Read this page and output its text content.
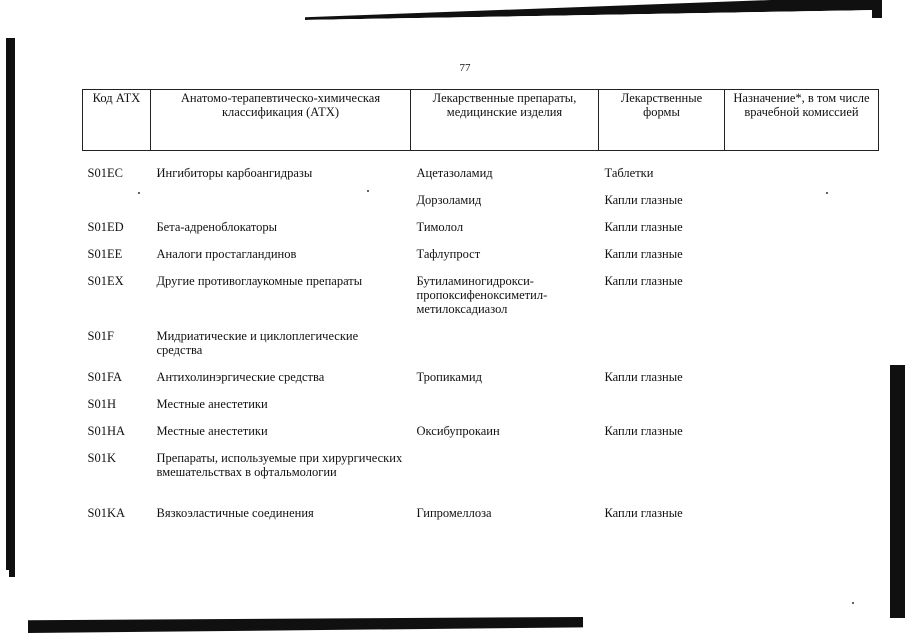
77
Код АТХ	Анатомо-терапевтическо-химическая классификация (АТХ)	Лекарственные препараты, медицинские изделия	Лекарственные формы	Назначение*, в том числе врачебной комиссией

S01EC	Ингибиторы карбоангидразы	Ацетазоламид	Таблетки	
		Дорзоламид	Капли глазные	
S01ED	Бета-адреноблокаторы	Тимолол	Капли глазные	
S01EE	Аналоги простагландинов	Тафлупрост	Капли глазные	
S01EX	Другие противоглаукомные препараты	Бутиламиногидрокси-пропоксифеноксиметил-метилоксадиазол	Капли глазные	
S01F	Мидриатические и циклоплегические средства			
S01FA	Антихолинэргические средства	Тропикамид	Капли глазные	
S01H	Местные анестетики			
S01HA	Местные анестетики	Оксибупрокаин	Капли глазные	
S01K	Препараты, используемые при хирургических вмешательствах в офтальмологии			
S01KA	Вязкоэластичные соединения	Гипромеллоза	Капли глазные	
